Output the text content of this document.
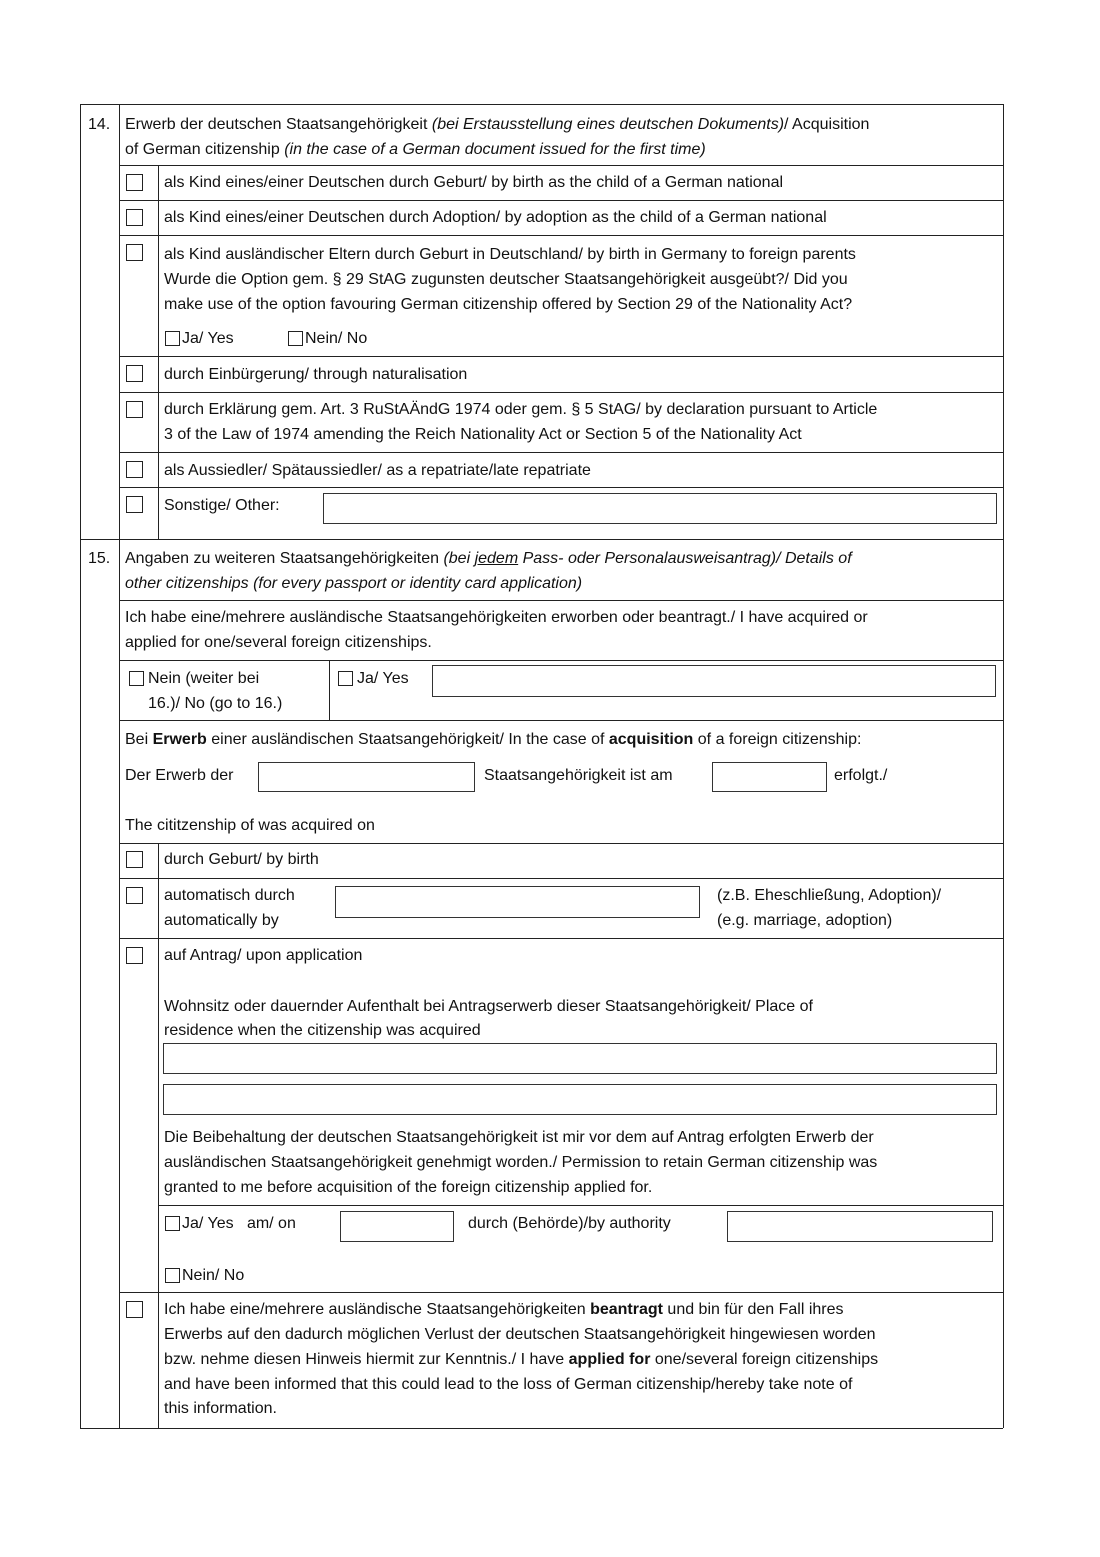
14. Erwerb der deutschen Staatsangehörigkeit (bei Erstausstellung eines deutschen Dokuments)/ Acquisition
of German citizenship (in the case of a German document issued for the first time)
als Kind eines/einer Deutschen durch Geburt/ by birth as the child of a German national
als Kind eines/einer Deutschen durch Adoption/ by adoption as the child of a German national
als Kind ausländischer Eltern durch Geburt in Deutschland/ by birth in Germany to foreign parents
Wurde die Option gem. § 29 StAG zugunsten deutscher Staatsangehörigkeit ausgeübt?/ Did you
make use of the option favouring German citizenship offered by Section 29 of the Nationality Act?
Ja/ Yes	Nein/ No
durch Einbürgerung/ through naturalisation
durch Erklärung gem. Art. 3 RuStAÄndG 1974 oder gem. § 5 StAG/ by declaration pursuant to Article
3 of the Law of 1974 amending the Reich Nationality Act or Section 5 of the Nationality Act
als Aussiedler/ Spätaussiedler/ as a repatriate/late repatriate
Sonstige/ Other:
15. Angaben zu weiteren Staatsangehörigkeiten (bei jedem Pass- oder Personalausweisantrag)/ Details of
other citizenships (for every passport or identity card application)
Ich habe eine/mehrere ausländische Staatsangehörigkeiten erworben oder beantragt./ I have acquired or
applied for one/several foreign citizenships.
Nein (weiter bei
16.)/ No (go to 16.)
Ja/ Yes
Bei Erwerb einer ausländischen Staatsangehörigkeit/ In the case of acquisition of a foreign citizenship:
Der Erwerb der	Staatsangehörigkeit ist am	erfolgt./
The cititzenship of was acquired on
durch Geburt/ by birth
automatisch durch
automatically by
(z.B. Eheschließung, Adoption)/
(e.g. marriage, adoption)
auf Antrag/ upon application
Wohnsitz oder dauernder Aufenthalt bei Antragserwerb dieser Staatsangehörigkeit/ Place of
residence when the citizenship was acquired
Die Beibehaltung der deutschen Staatsangehörigkeit ist mir vor dem auf Antrag erfolgten Erwerb der
ausländischen Staatsangehörigkeit genehmigt worden./ Permission to retain German citizenship was
granted to me before acquisition of the foreign citizenship applied for.
Ja/ Yes   am/ on	durch (Behörde)/by authority
Nein/ No
Ich habe eine/mehrere ausländische Staatsangehörigkeiten beantragt und bin für den Fall ihres
Erwerbs auf den dadurch möglichen Verlust der deutschen Staatsangehörigkeit hingewiesen worden
bzw. nehme diesen Hinweis hiermit zur Kenntnis./ I have applied for one/several foreign citizenships
and have been informed that this could lead to the loss of German citizenship/hereby take note of
this information.
